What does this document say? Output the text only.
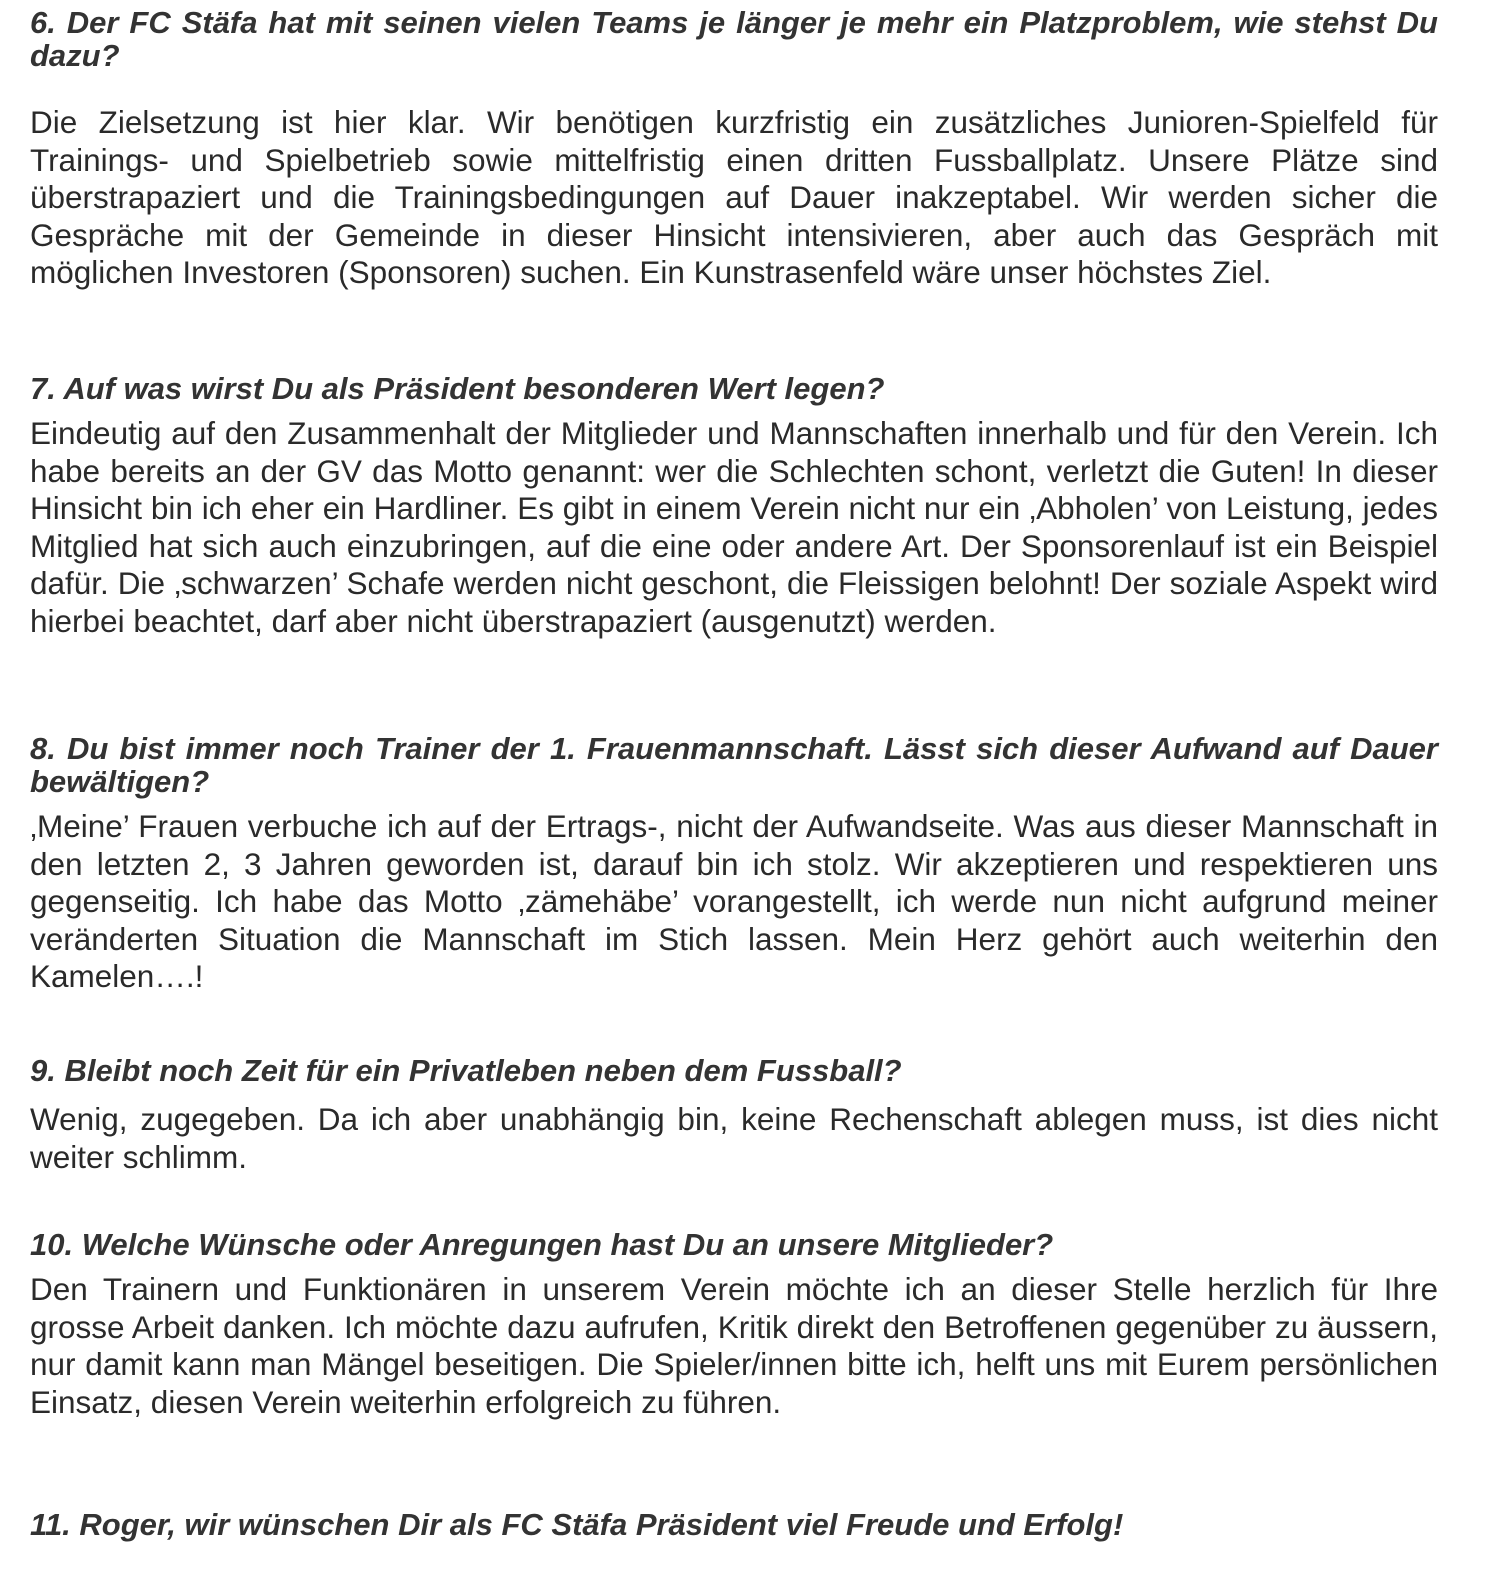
6. Der FC Stäfa hat mit seinen vielen Teams je länger je mehr ein Platzproblem, wie stehst Du dazu?

Die Zielsetzung ist hier klar. Wir benötigen kurzfristig ein zusätzliches Junioren-Spielfeld für Trainings- und Spielbetrieb sowie mittelfristig einen dritten Fussballplatz. Unsere Plätze sind überstrapaziert und die Trainingsbedingungen auf Dauer inakzeptabel. Wir werden sicher die Gespräche mit der Gemeinde in dieser Hinsicht intensivieren, aber auch das Gespräch mit möglichen Investoren (Sponsoren) suchen. Ein Kunstrasenfeld wäre unser höchstes Ziel.

7. Auf was wirst Du als Präsident besonderen Wert legen?

Eindeutig auf den Zusammenhalt der Mitglieder und Mannschaften innerhalb und für den Verein. Ich habe bereits an der GV das Motto genannt: wer die Schlechten schont, verletzt die Guten! In dieser Hinsicht bin ich eher ein Hardliner. Es gibt in einem Verein nicht nur ein ‚Abholen’ von Leistung, jedes Mitglied hat sich auch einzubringen, auf die eine oder andere Art. Der Sponsorenlauf ist ein Beispiel dafür. Die ‚schwarzen’ Schafe werden nicht geschont, die Fleissigen belohnt! Der soziale Aspekt wird hierbei beachtet, darf aber nicht überstrapaziert (ausgenutzt) werden.

8. Du bist immer noch Trainer der 1. Frauenmannschaft. Lässt sich dieser Aufwand auf Dauer bewältigen?

‚Meine’ Frauen verbuche ich auf der Ertrags-, nicht der Aufwandseite. Was aus dieser Mannschaft in den letzten 2, 3 Jahren geworden ist, darauf bin ich stolz. Wir akzeptieren und respektieren uns gegenseitig. Ich habe das Motto ‚zämehäbe’ vorangestellt, ich werde nun nicht aufgrund meiner veränderten Situation die Mannschaft im Stich lassen. Mein Herz gehört auch weiterhin den Kamelen….!

9. Bleibt noch Zeit für ein Privatleben neben dem Fussball?

Wenig, zugegeben. Da ich aber unabhängig bin, keine Rechenschaft ablegen muss, ist dies nicht weiter schlimm.

10. Welche Wünsche oder Anregungen hast Du an unsere Mitglieder?

Den Trainern und Funktionären in unserem Verein möchte ich an dieser Stelle herzlich für Ihre grosse Arbeit danken. Ich möchte dazu aufrufen, Kritik direkt den Betroffenen gegenüber zu äussern, nur damit kann man Mängel beseitigen. Die Spieler/innen bitte ich, helft uns mit Eurem persönlichen Einsatz, diesen Verein weiterhin erfolgreich zu führen.

11. Roger, wir wünschen Dir als FC Stäfa Präsident viel Freude und Erfolg!
